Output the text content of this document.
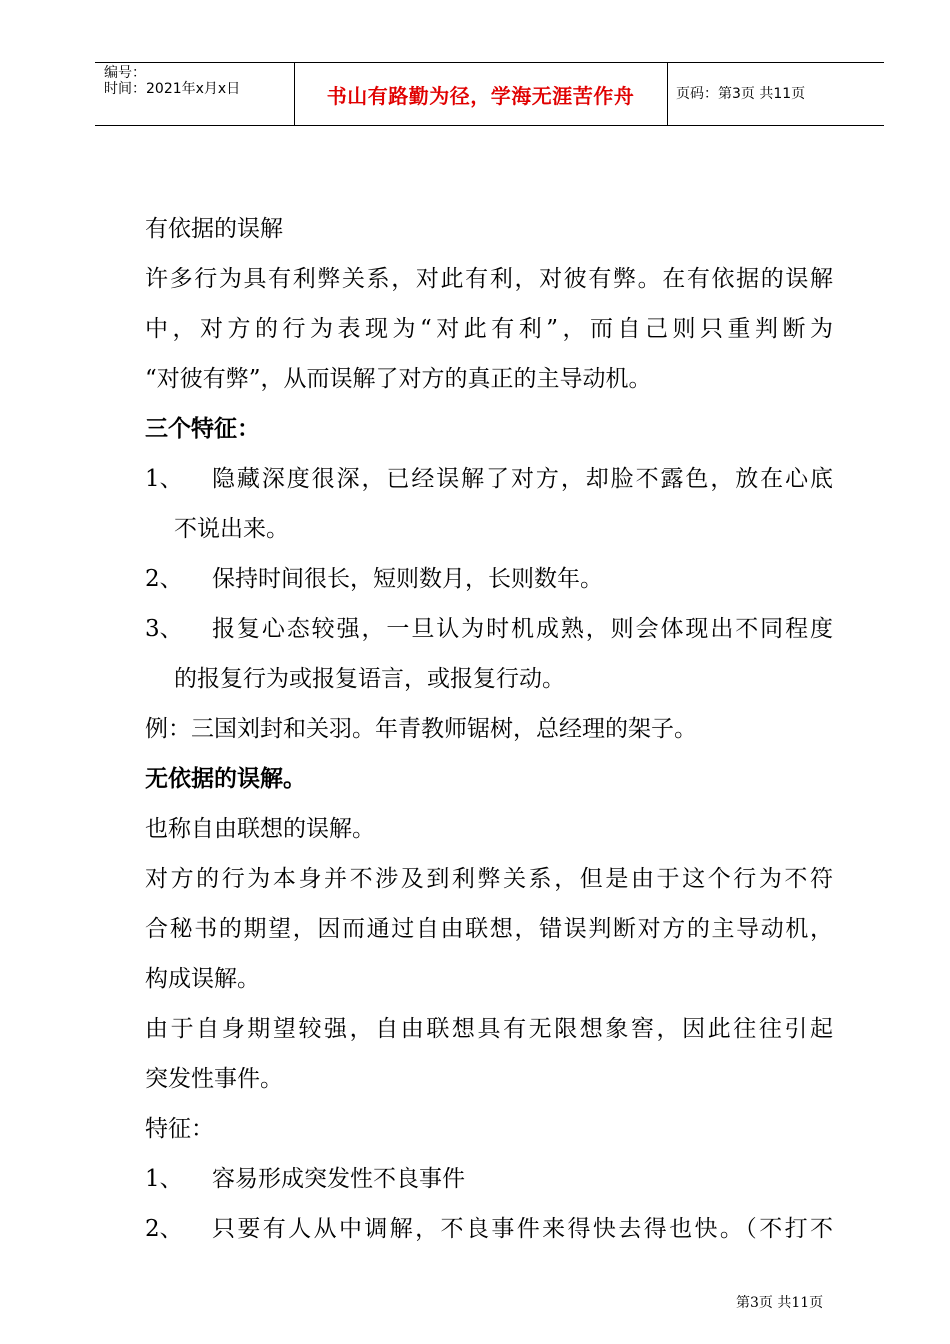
编号：
时间：2021年x月x日	书山有路勤为径，学海无涯苦作舟	页码：第3页 共11页
有依据的误解
许多行为具有利弊关系，对此有利，对彼有弊。在有依据的误解
中，对方的行为表现为“对此有利”，而自己则只重判断为
“对彼有弊”，从而误解了对方的真正的主导动机。
三个特征：
1、 隐藏深度很深，已经误解了对方，却脸不露色，放在心底
不说出来。
2、 保持时间很长，短则数月，长则数年。
3、 报复心态较强，一旦认为时机成熟，则会体现出不同程度
的报复行为或报复语言，或报复行动。
例：三国刘封和关羽。年青教师锯树，总经理的架子。
无依据的误解。
也称自由联想的误解。
对方的行为本身并不涉及到利弊关系，但是由于这个行为不符
合秘书的期望，因而通过自由联想，错误判断对方的主导动机，
构成误解。
由于自身期望较强，自由联想具有无限想象窖，因此往往引起
突发性事件。
特征：
1、 容易形成突发性不良事件
2、 只要有人从中调解，不良事件来得快去得也快。（不打不
第3页 共11页
